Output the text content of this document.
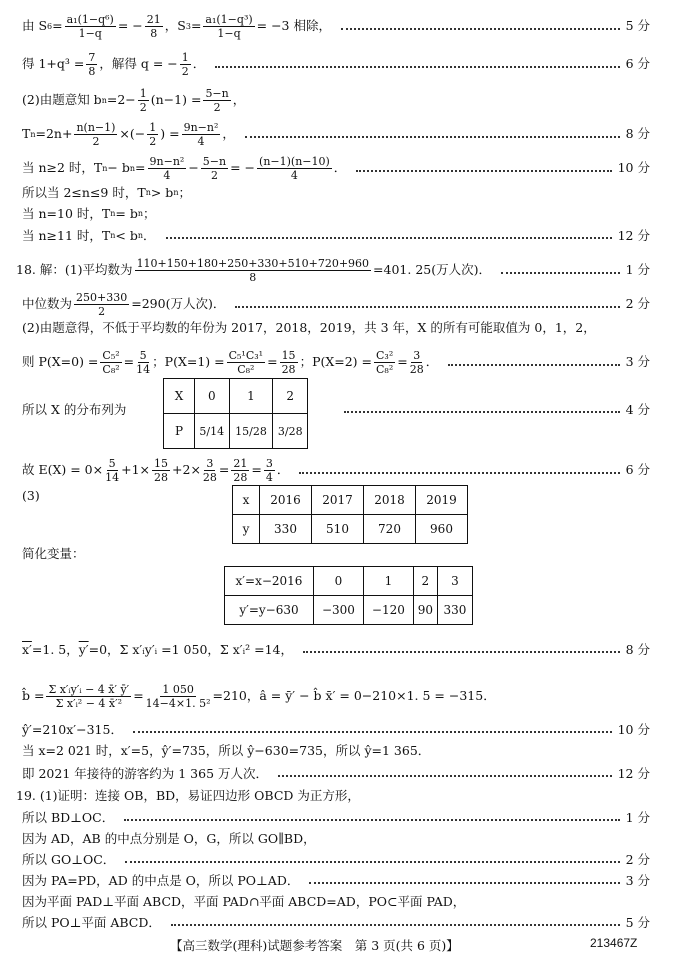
由 S $6 = \frac{\text{a₁(1−q⁶)}}{1-q}$ = − $\frac{21}{8}$ ，S $3 = \frac{\text{a₁(1−q³)}}{1-q} = -3$ 相除，	5 分
得 $1+q^3 = \frac{7}{8}$ ，解得 q = − $\frac{1}{2}$ ．	6 分
(2)由题意知 b $n =2- \frac{1}{2} (n-1) = \frac{5-n}{2}$ ，
T $n =2n+ \frac{n(n-1)}{2}$ ×(− $\frac{1}{2}$ ) = $\frac{\text{9n−n²}}{4}$ ，	8 分
当 n≥2 时，T n − b $n = \frac{\text{9n−n²}}{4} - \frac{5-n}{2}$ = − $\frac{(n-1)(n-10)}{4}$ ．	10 分
所以当 2≤n≤9 时，T n > b n ；
当 n=10 时，T n = b n ；
当 n≥11 时，T n < b n ．	12 分
18. 解：(1)平均数为 $\frac{110+150+180+250+330+510+720+960}{8} =401$. 25(万人次)．	1 分
中位数为 $\frac{250+330}{2} =290$(万人次)．	2 分
(2)由题意得，不低于平均数的年份为 2017，2018，2019，共 3 年，X 的所有可能取值为 0，1，2，
则 $P(X=0) = \frac{\text{C₅²}}{\text{C₈²}} = \frac{5}{14}$ ；$P(X=1) = \frac{\text{C₅¹C₃¹}}{\text{C₈²}} = \frac{15}{28}$ ；$P(X=2) = \frac{\text{C₃²}}{\text{C₈²}} = \frac{3}{28}$ ．	3 分
所以 X 的分布列为	4 分
X	0	1	2
P	5/14	15/28	3/28
故 $E(X) = 0\times \frac{5}{14} +1\times \frac{15}{28} +2\times \frac{3}{28} = \frac{21}{28} = \frac{3}{4}$ ．	6 分
(3)	x	2016	2017	2018	2019
y	330	510	720	960
简化变量：
x′=x−2016	0	1	2	3
y′=y−630	−300	−120	90	330
x′ =1. 5， y′ =0，Σ x′ᵢy′ᵢ =1 050，Σ x′ᵢ² =14，	8 分
b̂ = $\frac{\text{Σ x′ᵢy′ᵢ − 4 x̄′ ȳ′}}{\text{Σ x′ᵢ² − 4 x̄′²}} = \frac{1 050}{\text{14−4×1. 5²}} =210$，â = ȳ′ − b̂ x̄′ = 0−210×1. 5 = −315．
ŷ′=210x′−315．	10 分
当 x=2 021 时，x′=5，ŷ′=735，所以 ŷ−630=735，所以 ŷ=1 365．
即 2021 年接待的游客约为 1 365 万人次．	12 分
19. (1)证明：连接 OB，BD，易证四边形 OBCD 为正方形，
所以 BD⊥OC．	1 分
因为 AD，AB 的中点分别是 O，G，所以 GO∥BD，
所以 GO⊥OC．	2 分
因为 PA=PD，AD 的中点是 O，所以 PO⊥AD．	3 分
因为平面 PAD⊥平面 ABCD，平面 PAD∩平面 ABCD=AD，PO⊂平面 PAD，
所以 PO⊥平面 ABCD．	5 分
【高三数学(理科)试题参考答案　第 3 页(共 6 页)】	213467Z
